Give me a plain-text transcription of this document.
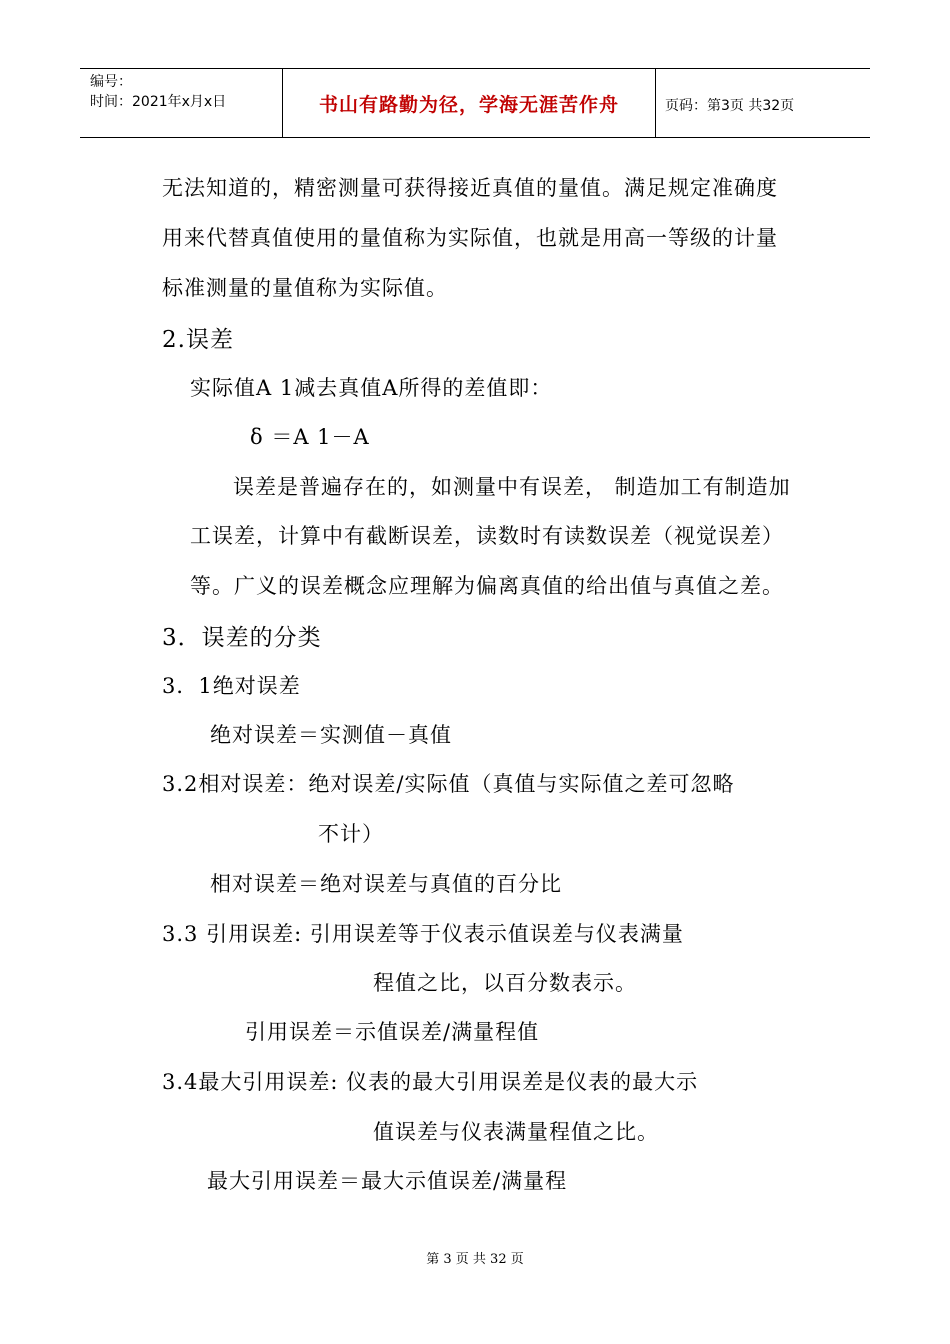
编号：
时间：2021年x月x日	书山有路勤为径，学海无涯苦作舟	页码：第3页 共32页
无法知道的，精密测量可获得接近真值的量值。满足规定准确度
用来代替真值使用的量值称为实际值，也就是用高一等级的计量
标准测量的量值称为实际值。
2.误差
实际值A 1减去真值A所得的差值即：
δ ＝A 1－A
误差是普遍存在的，如测量中有误差， 制造加工有制造加
工误差，计算中有截断误差，读数时有读数误差（视觉误差）
等。广义的误差概念应理解为偏离真值的给出值与真值之差。
3．误差的分类
3．1绝对误差
绝对误差＝实测值－真值
3.2相对误差：绝对误差/实际值（真值与实际值之差可忽略
不计）
相对误差＝绝对误差与真值的百分比
3.3 引用误差: 引用误差等于仪表示值误差与仪表满量
程值之比，以百分数表示。
引用误差＝示值误差/满量程值
3.4最大引用误差: 仪表的最大引用误差是仪表的最大示
值误差与仪表满量程值之比。
最大引用误差＝最大示值误差/满量程
第 3 页 共 32 页
